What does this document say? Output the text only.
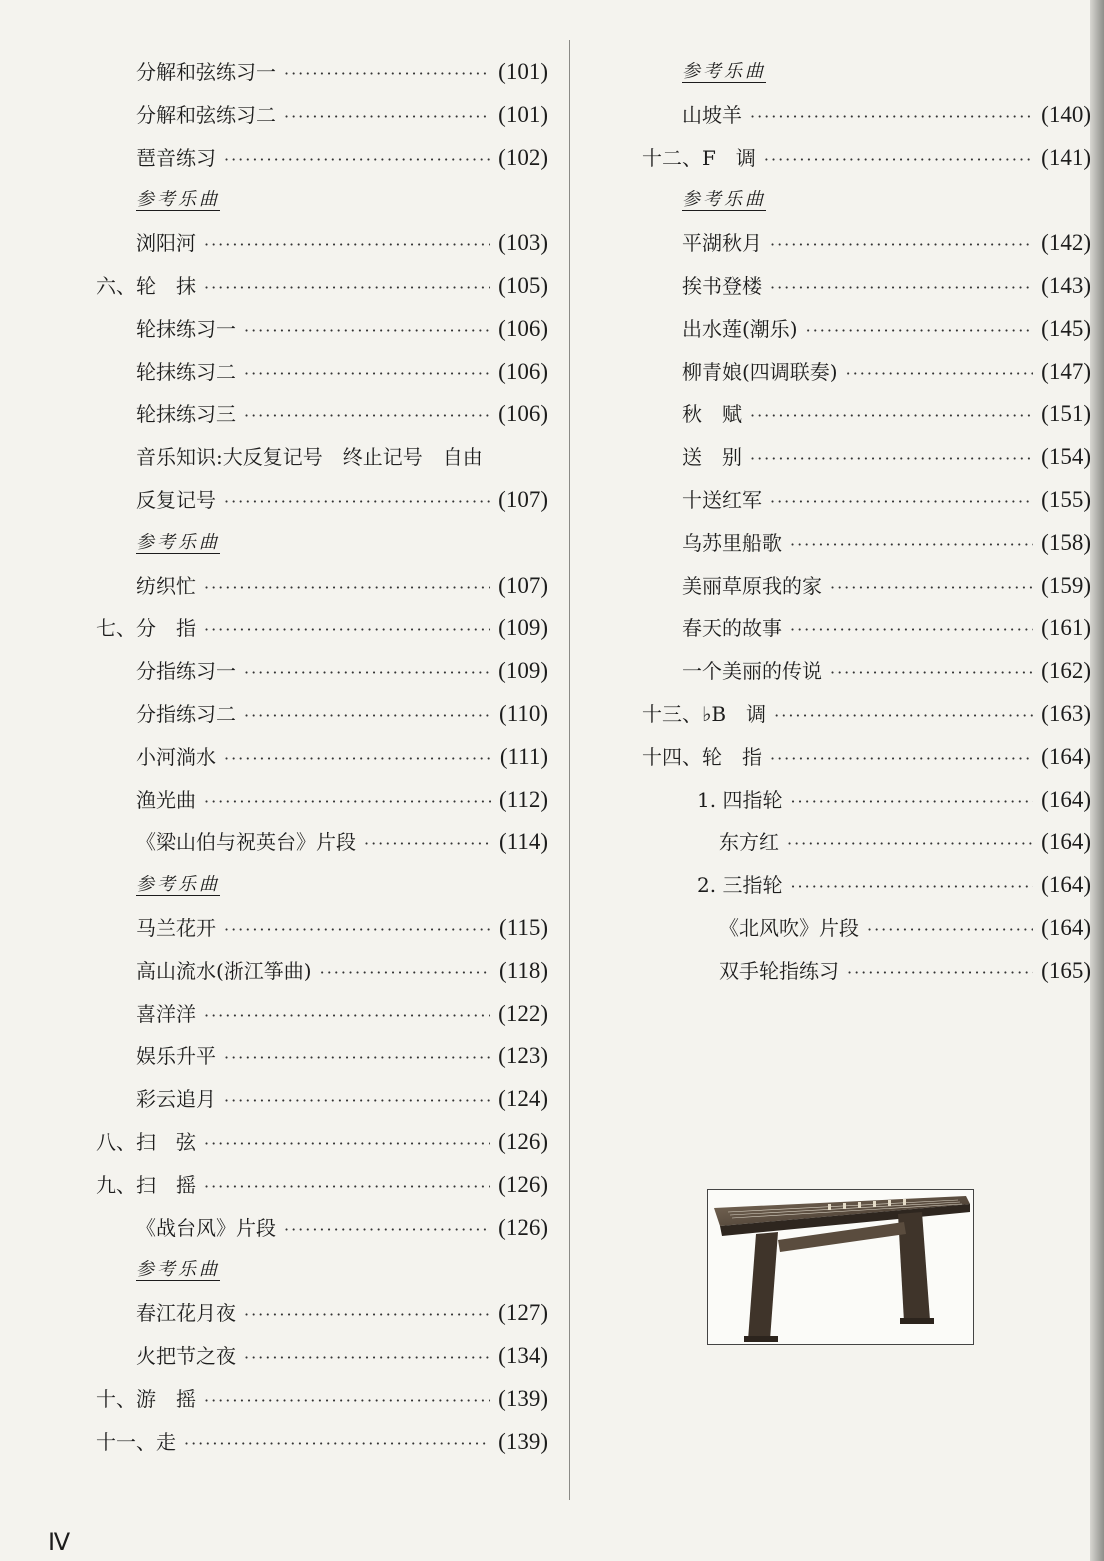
分解和弦练习一 ·····	(101)
分解和弦练习二 ·····	(101)
琶音练习 ·····	(102)
参考乐曲
浏阳河 ·····	(103)
六、轮　抹 ·····	(105)
轮抹练习一 ·····	(106)
轮抹练习二 ·····	(106)
轮抹练习三 ·····	(106)
音乐知识:大反复记号　终止记号　自由
反复记号 ·····	(107)
参考乐曲
纺织忙 ·····	(107)
七、分　指 ·····	(109)
分指练习一 ·····	(109)
分指练习二 ·····	(110)
小河淌水 ·····	(111)
渔光曲 ·····	(112)
《梁山伯与祝英台》片段 ·····	(114)
参考乐曲
马兰花开 ·····	(115)
高山流水(浙江筝曲) ·····	(118)
喜洋洋 ·····	(122)
娱乐升平 ·····	(123)
彩云追月 ·····	(124)
八、扫　弦 ·····	(126)
九、扫　摇 ·····	(126)
《战台风》片段 ·····	(126)
参考乐曲
春江花月夜 ·····	(127)
火把节之夜 ·····	(134)
十、游　摇 ·····	(139)
十一、走 ·····	(139)
参考乐曲
山坡羊 ·····	(140)
十二、F　调 ·····	(141)
参考乐曲
平湖秋月 ·····	(142)
挨书登楼 ·····	(143)
出水莲(潮乐) ·····	(145)
柳青娘(四调联奏) ·····	(147)
秋　赋 ·····	(151)
送　别 ·····	(154)
十送红军 ·····	(155)
乌苏里船歌 ·····	(158)
美丽草原我的家 ·····	(159)
春天的故事 ·····	(161)
一个美丽的传说 ·····	(162)
十三、♭B　调 ·····	(163)
十四、轮　指 ·····	(164)
1. 四指轮 ·····	(164)
东方红 ·····	(164)
2. 三指轮 ·····	(164)
《北风吹》片段 ·····	(164)
双手轮指练习 ·····	(165)
Ⅳ
